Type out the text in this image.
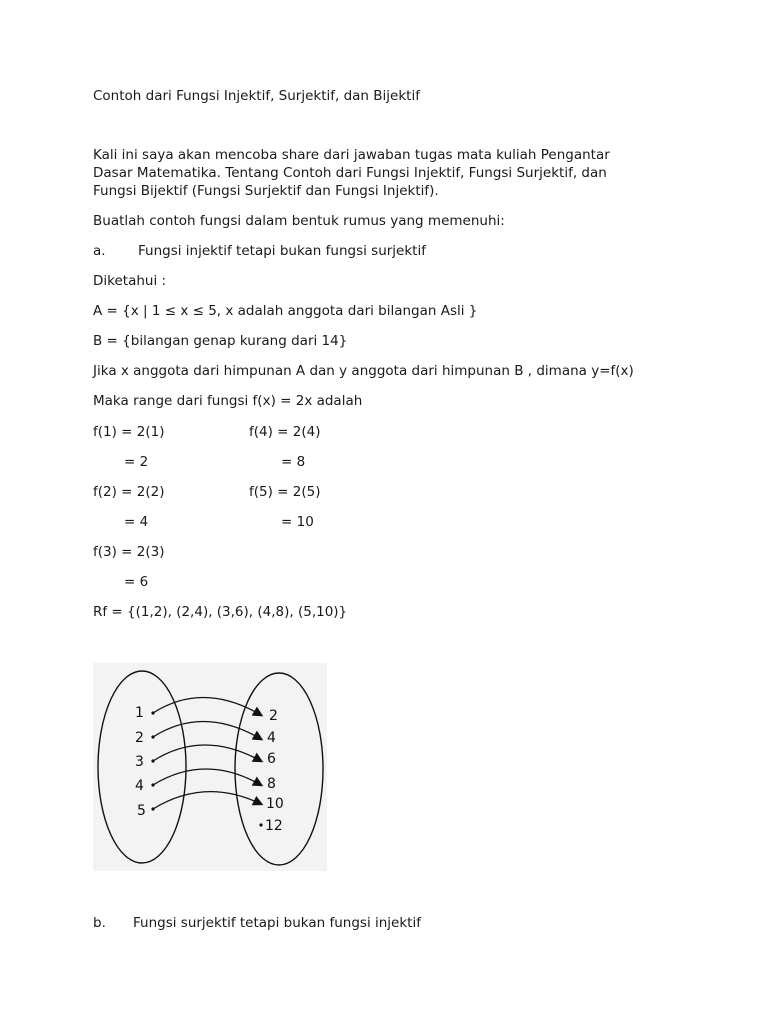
Contoh dari Fungsi Injektif, Surjektif, dan Bijektif
Kali ini saya akan mencoba share dari jawaban tugas mata kuliah Pengantar
Dasar Matematika. Tentang Contoh dari Fungsi Injektif, Fungsi Surjektif, dan
Fungsi Bijektif (Fungsi Surjektif dan Fungsi Injektif).
Buatlah contoh fungsi dalam bentuk rumus yang memenuhi:
a. Fungsi injektif tetapi bukan fungsi surjektif
Diketahui :
A = {x | 1 ≤ x ≤ 5, x adalah anggota dari bilangan Asli }
B = {bilangan genap kurang dari 14}
Jika x anggota dari himpunan A dan y anggota dari himpunan B , dimana y=f(x)
Maka range dari fungsi f(x) = 2x adalah
f(1) = 2(1)	f(4) = 2(4)
= 2	= 8
f(2) = 2(2)	f(5) = 2(5)
= 4	= 10
f(3) = 2(3)
= 6
Rf = {(1,2), (2,4), (3,6), (4,8), (5,10)}
1
2
3
4
5
2
4
6
8
10
12
b. Fungsi surjektif tetapi bukan fungsi injektif
